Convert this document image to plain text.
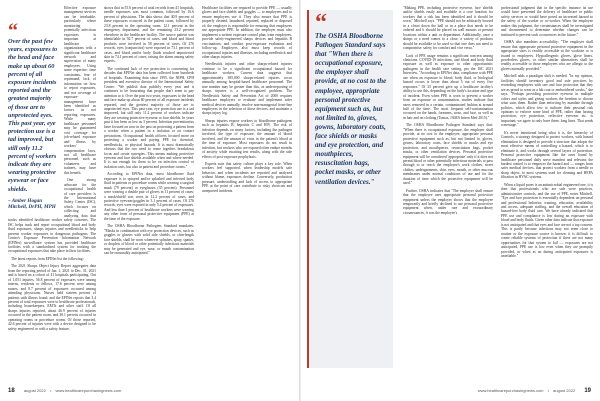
“
Over the past few years, exposures to the head and face make up about 60 percent of all exposure incidents reported and the greatest majority of those are to unprotected eyes. This past year, eye protection use is a tad improved, but still only 11.2 percent of workers indicate they are wearing protective eyewear or face shields.
– Amber Hogan Mitchell, DrPH, MPH

Effective exposure management services can be invaluable, particularly where monitoring potentially infectious exposures is important at healthcare organizations with a significant healthcare network and supervision of many employees. Using some expertise: time constraints, fear of reprimand, lack of information on how to report exposures, and not coverage of exposure-management have been identified as factors in not reporting exposures. While many healthcare personnel may be guaranteed cost coverage for job-related exposure and illness by workers' compensation laws, not all healthcare personnel, such as volunteers and trainees, may have this benefit.

One strong advocate for the occupational health of care providers is the International Safety Center (ISC), which focuses on collecting and analyzing data that tracks identified healthcare worker safety concerns. The ISC helps track and report occupational blood and body fluid exposures, sharps injuries and needlesticks to help prevent worker exposures to dangerous pathogens. The Center's Exposure Prevention Information Network (EPINet) surveillance system has provided healthcare facilities with a standardized system for tracking the occupational exposures that take place in their facilities.

The latest reports from EPINet list the following:

The 2021 Sharps Object Injury Report aggregates data from the reporting period of Jan. 1, 2021 to Dec. 31, 2021 and is based on a cohort of 41 hospitals participating. Out of 1,051 injuries, 56.8 percent of exposures were among interns, residents or fellows, 17.6 percent were among nurses, and 8.7 percent of exposures occurred among attending physicians. Nurses held sixteen percent of patients with illness found, and the EPINet reports that 3.4 percent of total exposures were to healthcare professionals, including housekeepers, EMTs and other staff. Of all sharps injuries reported, about 46.9 percent of injuries occurred in the patient room, and 30.1 percent occurred in operating rooms or procedure rooms. Of those reported, 42.6 percent of injuries were with a device designed to be safety engineered or with a safety feature,

shows that in 55.6 percent of total records from 41 hospitals, needle exposures was most common, followed by 16.6 percent of physicians. The data shows that 40.9 percent of these exposures occurred in the patient room, followed by 23.8 percent in the operating room. 12.1 percent in the emergency department, and the remaining 23.2 percent elsewhere in the healthcare facility. The source patient was identifiable in 92.7 percent of cases, and blood and blood products were involved in 58 percent of cases. Of 276 records, eyes (conjunctiva) were exposed in 73.1 percent of cases, and blood and/or body fluids touched unprotected skin in 74.1 percent of cases, raising the alarm among safety experts.

The continued lack of eye protection is concerning for decades that EPINet data has been collected from hundreds of hospitals. Examining data since 1995, the NIPH, CPH president and executive director of the International Safety Center: "We publish data publicly every year and it continues to be frustrating that people don't seem to pay attention to it. Over the past two years, exposures to the head and face make up about 60 percent of all exposure incidents reported, and the greatest majority of those are to unprotected eyes. This past year, eye protection use is a tad improved, but still only 11.2 percent of workers indicate they are wearing protective eyewear or face shields. In years past it has been as low as 3 percent. Infection preventionists have focused on now in the past on protecting a patient from a worker when a patient in a isolation or on contact precautions. Occupational health officers focused more on protecting a worker and paying PPE for chemical, needlesticks, or physical hazards. It is most dramatically obvious that the two need to come together, breakdown focus and create synergies. This means making protective eyewear and face shields available when and where needed. It is not enough for them to be on infection control or isolation carts, but also in patient and procedure rooms."

According to EPINet data, most bloodborne fluid exposure is to sprayed and/or splashed and infected body fluid in patients or procedure rooms while wearing a surgical mask (79 percent) or eyeglasses (35 percent). Personnel were wearing a double pair of gloves in 11 percent of cases; a mask/shield was worn in 12.2 percent of cases, and protective eyewear/goggles in 3.1 percent of cases. Of 276 records, eyes were exposed in only 5.4 percent of exposures. And less than 1 percent of healthcare workers were wearing any other form of personal protective equipment (PPE) at the time of the exposure.

The OSHA Bloodborne Pathogens Standard mandates: "Masks in combination with eye protection devices, such as goggles or glasses with solid side shields, or chin-length face shields, shall be worn whenever splashes, spray, spatter, or droplets of blood or other potentially infectious materials may be generated and eye, nose, or mouth contamination can be reasonably anticipated."

Healthcare facilities are required to provide PPE — usually gloves and face shields and goggles — to employees and to ensure employees use it. They also ensure that PPE is properly cleaned, laundered, repaired, replaced or disposed of; the employer is responsible for ensuring that employees use appropriate PPE. In addition, the employer must also implement a written exposure control plan; train employees, provide safety-engineered sharps devices and hepatitis B vaccinations; and conduct post-exposure evaluation and follow-up. Employers also must keep records of occupational injuries and illnesses, including needlestick and other sharps injuries.

Needlestick injuries and other sharps-related injuries continue to be a significant occupational hazard for healthcare workers. Current data suggests that approximately 385,000 sharps-related injuries occur annually among hospital-based healthcare personnel. The true number may be greater than this, as underreporting of sharps injuries is a well-recognized problem. The Needlestick Safety and Prevention Act of 2000 requires healthcare employers to evaluate and implement safer medical devices annually, involve non-managerial front-line employees in the selection of those devices, and maintain a sharps injury log.

Sharps injuries expose workers to bloodborne pathogens such as hepatitis B, hepatitis C and HIV. The risk of infection depends on many factors, including the pathogen involved, the type of exposure, the amount of blood involved, and the amount of virus in the patient's blood at the time of exposure. Most exposures do not result in infection, but workers who are exposed often endure months of anxiety while awaiting test results, along with the side effects of post-exposure prophylaxis.

Experts note that safety culture plays a key role. When workers feel supported, when leadership models safe behavior, and when incidents are reported and analyzed without blame, exposures decline. Conversely, production pressure, understaffing and lack of access to appropriate PPE at the point of care contribute to risky shortcuts and unreported incidents.

18 august 2022 • www.healthcarepurchasingnews.com
“
The OSHA Bloodborne Pathogen Standard says that "When there is occupational exposure, the employer shall provide, at no cost to the employee, appropriate personal protective equipment such as, but not limited to, gloves, gowns, laboratory coats, face shields or masks and eye protection, and mouthpieces, resuscitation bags, pocket masks, or other ventilation devices."

"Making PPE, including protective eyewear, face shields and/or shields easily and available is a core function for workers that a risk has been identified and it should be worn," Mitchell says. "PPE should not be arbitrarily housed in a closet down the hall or in a place that needs to be ordered and it should be placed on wall mounts or present locations within a unit or department. Additionally, once a sharps or a need comes to a close, a variety of products should be available to be used so that one does not need to compromise: safety for comfort and vice versa."

Lack of PPE usage remains a significant concern among clinicians. COVID-19 infections, and blood and body fluid exposure as well as exposure to other opportunistic pathogens in the health care setting, per the ISC 2021 Interview, "According to EPINet data, compliance with PPE use when an exposure to blood, body fluid, or biological hazard occurs is lower than about 5 out of every five responses." Of 25 percent gave up a healthcare facility's ability to use this, depending on the body's location and type of incident. Even when PPE is worn to prevent a worker from an exposure or contamination, studies indicate that users removed in a certain, contaminated fashion at around half of the time. The most frequent self-contamination occurred on the hands, forearms, torso, and face, as well as in hair and on clothing (Tomas, JAMA Intern Med 2015)."

The OSHA Bloodborne Pathogen Standard says that: "When there is occupational exposure, the employer shall provide, at no cost to the employee, appropriate personal protective equipment such as, but not limited to, gloves, gowns, laboratory coats, face shields or masks and eye protection, and mouthpieces, resuscitation bags, pocket masks, or other ventilation devices. Personal protective equipment will be considered 'appropriate' only if it does not permit blood or other potentially infectious materials to pass through to or reach the employee's work clothes, street clothes, undergarments, skin, eyes, mouth, or other mucous membranes under normal conditions of use and for the duration of time which the protective equipment will be used."

Further, OSHA indicates that "The employer shall ensure that the employee uses appropriate personal protective equipment unless the employer shows that the employee temporarily and briefly declined to use personal protective equipment when, under rare and extraordinary circumstances, it was the employee's

professional judgment that in the specific instance its use would have prevented the delivery of healthcare or public safety services or would have posed an increased hazard to the safety of the worker or co-worker. When the employee makes this judgment, the circumstances shall be investigated and documented to determine whether changes can be instituted to prevent such occurrences in the future."

OSHA also mandates accessibility: "The employer shall ensure that appropriate personal protective equipment in the appropriate sizes is readily accessible at the worksite or is issued to employees. Hypoallergenic gloves, glove liners, powderless gloves, or other similar alternatives shall be readily accessible to those employees who are allergic to the gloves normally provided."

Mitchell adds a paradigm shift is needed: "In my opinion, facilities should inventory good and safe practices by rewarding employees with one and face protection that they are as proud to wear as a lab coat or embroidered scrubs," she says. "Perhaps providing protective eyewear in multiple colors and styles and giving workers the freedom to choose what suits them. Rather than enforcing by mandate through policies, which allow few to indicate their personal risk opinions to enforce some kind of PPE, rather than having protection, eye protection, reflective eyewear etc. is important; we agree to only have them: long lines. That sends a message."

It's never intentional being what it is, the hierarchy of Controls, a strategy designed to protect workers, with hazard elimination is designed to provide a structure that adopts the most effective means of controlling a hazard, which is to eliminate it, and works through several layers of protection. Personal protective equipment like the ones found by healthcare personnel daily serve manifest and relevant; the hardest control is to empower the hazard and — ranges from safer medical devices, that protect workers from a needle or sharp object, to most systems used for cleaning and HEPA filtration in HVAC systems.

When a liquid pores is an antimicrobial engineered one, it is then that professionals who are safe were practices, administrative controls, and the use of PPE, notes Mitchell. "Eye and face protection is essentially dependent on personal and professional behavior, training, education, availability and access, adequate staffing, and the overall education of hazard-free body fluid care. We have already indicated that PPE use and compliance is low during an exposure with blood and body fluids. Given other data indicate that exposure is not anticipated and that eyes and face are not a top concern. This is partly because infections may not seem close to routine or the exposure source is known; it is difficult to create reliable systems of protection if there are not many opportunities for that system to fail — exposures are not anticipated, PPE use is low even when they are promptly provided, or when as an during anticipated exposures is unreliable."

www.healthcarepurchasingnews.com • august 2022 19
